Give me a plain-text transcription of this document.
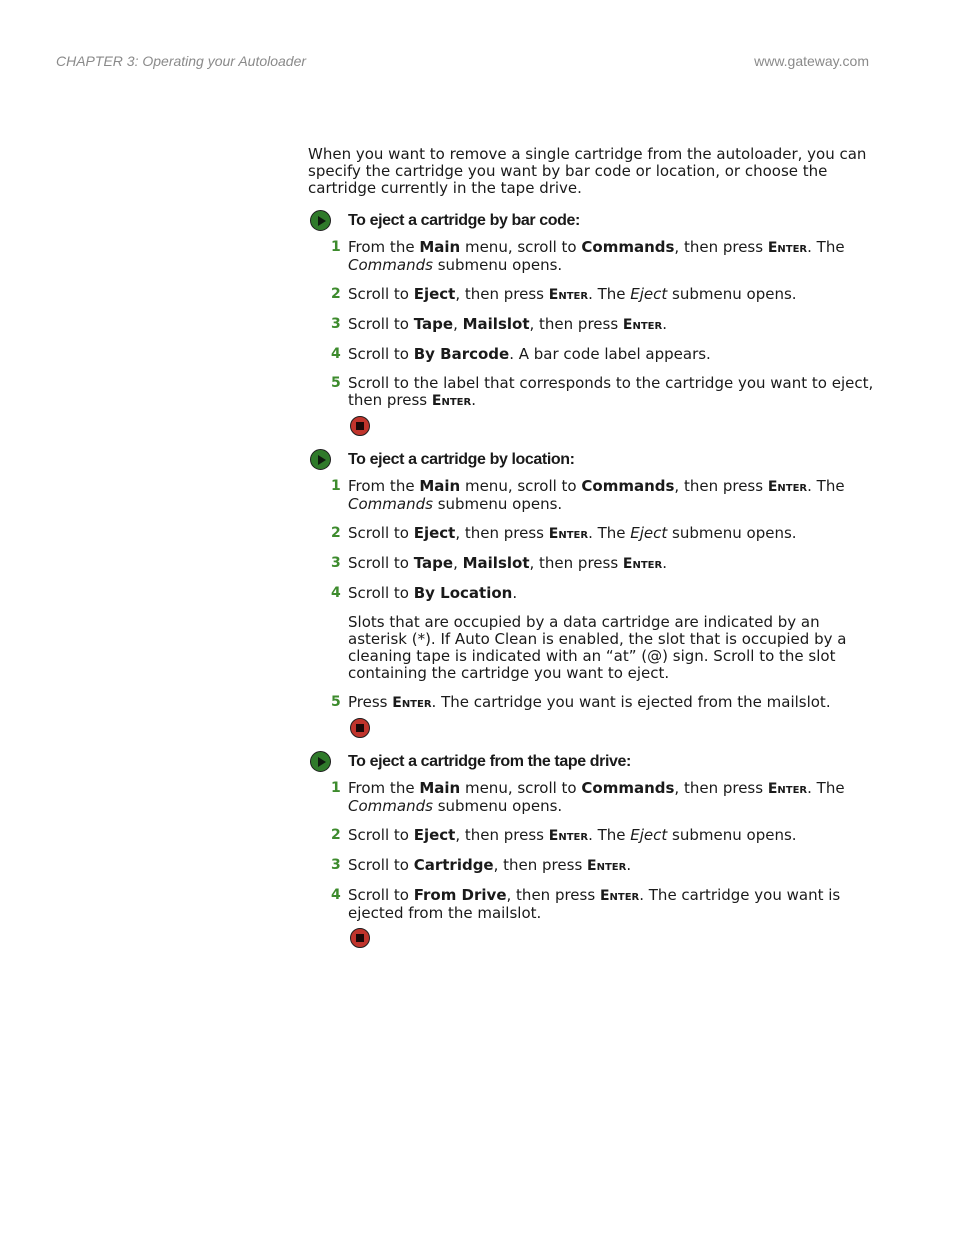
CHAPTER 3: Operating your Autoloader	www.gateway.com

When you want to remove a single cartridge from the autoloader, you can specify the cartridge you want by bar code or location, or choose the cartridge currently in the tape drive.

To eject a cartridge by bar code:
1 From the Main menu, scroll to Commands, then press Enter. The Commands submenu opens.
2 Scroll to Eject, then press Enter. The Eject submenu opens.
3 Scroll to Tape, Mailslot, then press Enter.
4 Scroll to By Barcode. A bar code label appears.
5 Scroll to the label that corresponds to the cartridge you want to eject, then press Enter.
To eject a cartridge by location:
1 From the Main menu, scroll to Commands, then press Enter. The Commands submenu opens.
2 Scroll to Eject, then press Enter. The Eject submenu opens.
3 Scroll to Tape, Mailslot, then press Enter.
4 Scroll to By Location.
Slots that are occupied by a data cartridge are indicated by an asterisk (*). If Auto Clean is enabled, the slot that is occupied by a cleaning tape is indicated with an “at” (@) sign. Scroll to the slot containing the cartridge you want to eject.
5 Press Enter. The cartridge you want is ejected from the mailslot.
To eject a cartridge from the tape drive:
1 From the Main menu, scroll to Commands, then press Enter. The Commands submenu opens.
2 Scroll to Eject, then press Enter. The Eject submenu opens.
3 Scroll to Cartridge, then press Enter.
4 Scroll to From Drive, then press Enter. The cartridge you want is ejected from the mailslot.
